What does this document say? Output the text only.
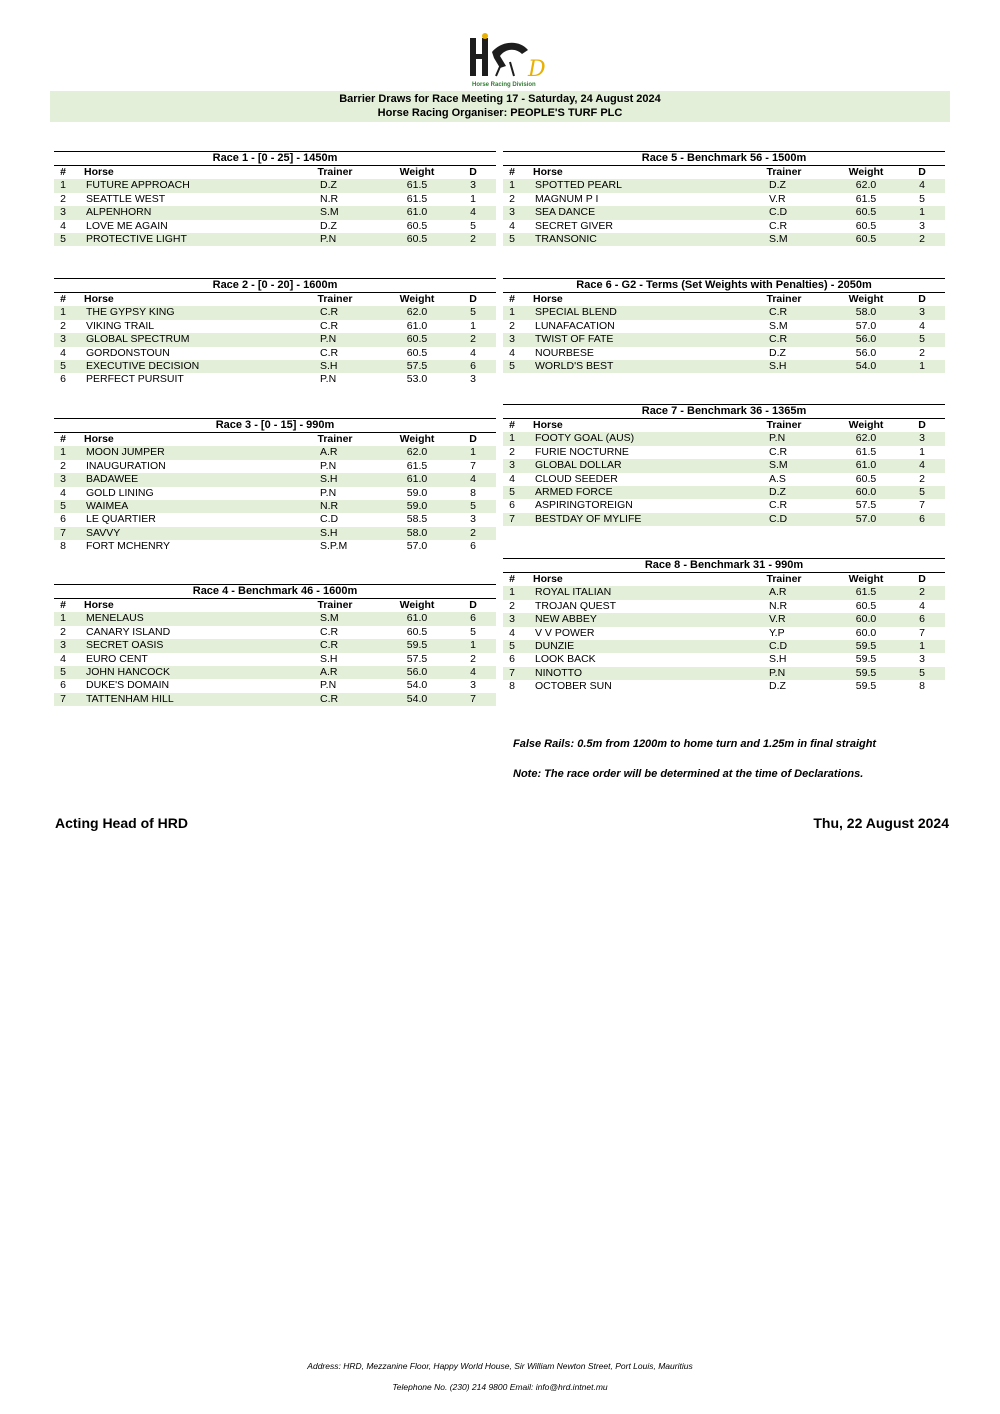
D
Horse Racing Division
Barrier Draws for Race Meeting 17 - Saturday, 24 August 2024
Horse Racing Organiser: PEOPLE'S TURF PLC
Race 1 - [0 - 25] - 1450m
#	Horse	Trainer	Weight	D
1	FUTURE APPROACH	D.Z	61.5	3
2	SEATTLE WEST	N.R	61.5	1
3	ALPENHORN	S.M	61.0	4
4	LOVE ME AGAIN	D.Z	60.5	5
5	PROTECTIVE LIGHT	P.N	60.5	2
Race 2 - [0 - 20] - 1600m
#	Horse	Trainer	Weight	D
1	THE GYPSY KING	C.R	62.0	5
2	VIKING TRAIL	C.R	61.0	1
3	GLOBAL SPECTRUM	P.N	60.5	2
4	GORDONSTOUN	C.R	60.5	4
5	EXECUTIVE DECISION	S.H	57.5	6
6	PERFECT PURSUIT	P.N	53.0	3
Race 3 - [0 - 15] - 990m
#	Horse	Trainer	Weight	D
1	MOON JUMPER	A.R	62.0	1
2	INAUGURATION	P.N	61.5	7
3	BADAWEE	S.H	61.0	4
4	GOLD LINING	P.N	59.0	8
5	WAIMEA	N.R	59.0	5
6	LE QUARTIER	C.D	58.5	3
7	SAVVY	S.H	58.0	2
8	FORT MCHENRY	S.P.M	57.0	6
Race 4 - Benchmark 46 - 1600m
#	Horse	Trainer	Weight	D
1	MENELAUS	S.M	61.0	6
2	CANARY ISLAND	C.R	60.5	5
3	SECRET OASIS	C.R	59.5	1
4	EURO CENT	S.H	57.5	2
5	JOHN HANCOCK	A.R	56.0	4
6	DUKE'S DOMAIN	P.N	54.0	3
7	TATTENHAM HILL	C.R	54.0	7
Race 5 - Benchmark 56 - 1500m
#	Horse	Trainer	Weight	D
1	SPOTTED PEARL	D.Z	62.0	4
2	MAGNUM P I	V.R	61.5	5
3	SEA DANCE	C.D	60.5	1
4	SECRET GIVER	C.R	60.5	3
5	TRANSONIC	S.M	60.5	2
Race 6 - G2 - Terms (Set Weights with Penalties) - 2050m
#	Horse	Trainer	Weight	D
1	SPECIAL BLEND	C.R	58.0	3
2	LUNAFACATION	S.M	57.0	4
3	TWIST OF FATE	C.R	56.0	5
4	NOURBESE	D.Z	56.0	2
5	WORLD'S BEST	S.H	54.0	1
Race 7 - Benchmark 36 - 1365m
#	Horse	Trainer	Weight	D
1	FOOTY GOAL (AUS)	P.N	62.0	3
2	FURIE NOCTURNE	C.R	61.5	1
3	GLOBAL DOLLAR	S.M	61.0	4
4	CLOUD SEEDER	A.S	60.5	2
5	ARMED FORCE	D.Z	60.0	5
6	ASPIRINGTOREIGN	C.R	57.5	7
7	BESTDAY OF MYLIFE	C.D	57.0	6
Race 8 - Benchmark 31 - 990m
#	Horse	Trainer	Weight	D
1	ROYAL ITALIAN	A.R	61.5	2
2	TROJAN QUEST	N.R	60.5	4
3	NEW ABBEY	V.R	60.0	6
4	V V POWER	Y.P	60.0	7
5	DUNZIE	C.D	59.5	1
6	LOOK BACK	S.H	59.5	3
7	NINOTTO	P.N	59.5	5
8	OCTOBER SUN	D.Z	59.5	8
False Rails: 0.5m from 1200m to home turn and 1.25m in final straight
Note: The race order will be determined at the time of Declarations.
Acting Head of HRD	Thu, 22 August 2024
Address: HRD, Mezzanine Floor, Happy World House, Sir William Newton Street, Port Louis, Mauritius
Telephone No. (230) 214 9800 Email: info@hrd.intnet.mu
